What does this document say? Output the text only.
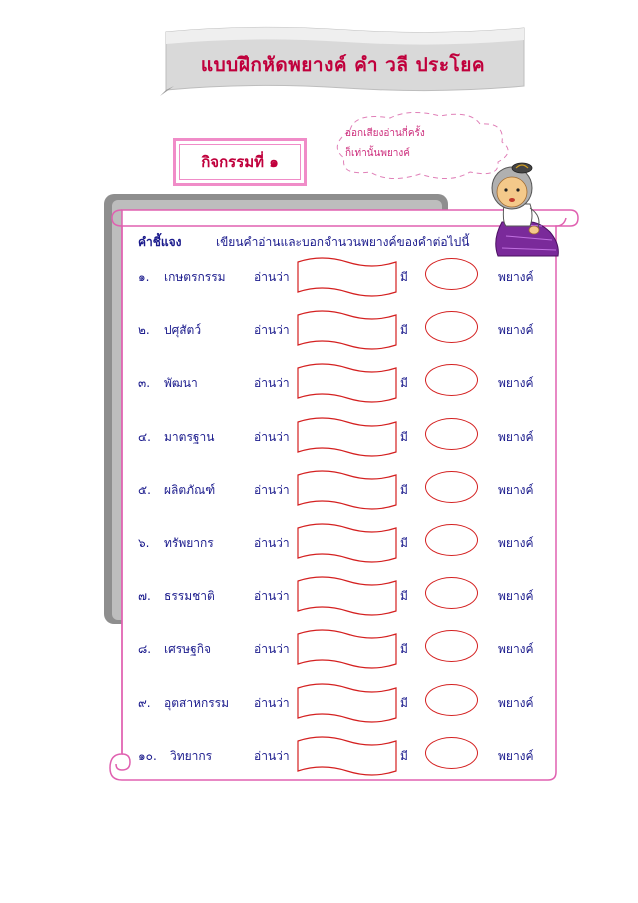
แบบฝึกหัดพยางค์ คำ วลี ประโยค
ออกเสียงอ่านกี่ครั้ง
ก็เท่านั้นพยางค์
กิจกรรมที่ ๑
คำชี้แจง	เขียนคำอ่านและบอกจำนวนพยางค์ของคำต่อไปนี้
๑. เกษตรกรรม อ่านว่า	มี	พยางค์
๒. ปศุสัตว์	อ่านว่า	มี	พยางค์
๓. พัฒนา	อ่านว่า	มี	พยางค์
๔. มาตรฐาน	อ่านว่า	มี	พยางค์
๕. ผลิตภัณฑ์	อ่านว่า	มี	พยางค์
๖. ทรัพยากร	อ่านว่า	มี	พยางค์
๗. ธรรมชาติ	อ่านว่า	มี	พยางค์
๘. เศรษฐกิจ	อ่านว่า	มี	พยางค์
๙. อุตสาหกรรม อ่านว่า	มี	พยางค์
๑๐. วิทยากร	อ่านว่า	มี	พยางค์
